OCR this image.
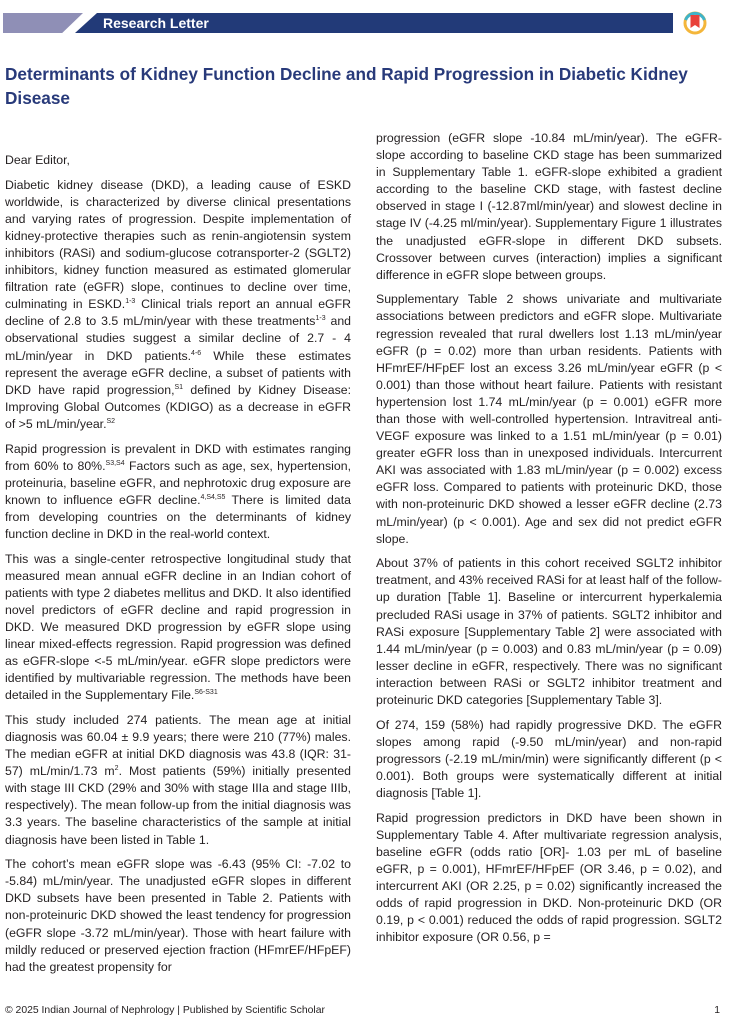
Research Letter
Determinants of Kidney Function Decline and Rapid Progression in Diabetic Kidney Disease

Dear Editor,

Diabetic kidney disease (DKD), a leading cause of ESKD worldwide, is characterized by diverse clinical presentations and varying rates of progression. Despite implementation of kidney-protective therapies such as renin-angiotensin system inhibitors (RASi) and sodium-glucose cotransporter-2 (SGLT2) inhibitors, kidney function measured as estimated glomerular filtration rate (eGFR) slope, continues to decline over time, culminating in ESKD.$^{1-3}$ Clinical trials report an annual eGFR decline of 2.8 to 3.5 mL/min/year with these treatments$^{1-3}$ and observational studies suggest a similar decline of 2.7 - 4 mL/min/year in DKD patients.$^{4-6}$ While these estimates represent the average eGFR decline, a subset of patients with DKD have rapid progression,$^{S1}$ defined by Kidney Disease: Improving Global Outcomes (KDIGO) as a decrease in eGFR of >5 mL/min/year.$^{S2}$

Rapid progression is prevalent in DKD with estimates ranging from 60% to 80%.$^{S3,S4}$ Factors such as age, sex, hypertension, proteinuria, baseline eGFR, and nephrotoxic drug exposure are known to influence eGFR decline.$^{4,S4,S5}$ There is limited data from developing countries on the determinants of kidney function decline in DKD in the real-world context.

This was a single-center retrospective longitudinal study that measured mean annual eGFR decline in an Indian cohort of patients with type 2 diabetes mellitus and DKD. It also identified novel predictors of eGFR decline and rapid progression in DKD. We measured DKD progression by eGFR slope using linear mixed-effects regression. Rapid progression was defined as eGFR-slope <-5 mL/min/year. eGFR slope predictors were identified by multivariable regression. The methods have been detailed in the Supplementary File.$^{S6-S31}$

This study included 274 patients. The mean age at initial diagnosis was 60.04 ± 9.9 years; there were 210 (77%) males. The median eGFR at initial DKD diagnosis was 43.8 (IQR: 31-57) mL/min/1.73 $m^2$. Most patients (59%) initially presented with stage III CKD (29% and 30% with stage IIIa and stage IIIb, respectively). The mean follow-up from the initial diagnosis was 3.3 years. The baseline characteristics of the sample at initial diagnosis have been listed in Table 1.

The cohort’s mean eGFR slope was -6.43 (95% CI: -7.02 to -5.84) mL/min/year. The unadjusted eGFR slopes in different DKD subsets have been presented in Table 2. Patients with non-proteinuric DKD showed the least tendency for progression (eGFR slope -3.72 mL/min/year). Those with heart failure with mildly reduced or preserved ejection fraction (HFmrEF/HFpEF) had the greatest propensity for

progression (eGFR slope -10.84 mL/min/year). The eGFR-slope according to baseline CKD stage has been summarized in Supplementary Table 1. eGFR-slope exhibited a gradient according to the baseline CKD stage, with fastest decline observed in stage I (-12.87ml/min/year) and slowest decline in stage IV (-4.25 ml/min/year). Supplementary Figure 1 illustrates the unadjusted eGFR-slope in different DKD subsets. Crossover between curves (interaction) implies a significant difference in eGFR slope between groups.

Supplementary Table 2 shows univariate and multivariate associations between predictors and eGFR slope. Multivariate regression revealed that rural dwellers lost 1.13 mL/min/year eGFR (p = 0.02) more than urban residents. Patients with HFmrEF/HFpEF lost an excess 3.26 mL/min/year eGFR (p < 0.001) than those without heart failure. Patients with resistant hypertension lost 1.74 mL/min/year (p = 0.001) eGFR more than those with well-controlled hypertension. Intravitreal anti-VEGF exposure was linked to a 1.51 mL/min/year (p = 0.01) greater eGFR loss than in unexposed individuals. Intercurrent AKI was associated with 1.83 mL/min/year (p = 0.002) excess eGFR loss. Compared to patients with proteinuric DKD, those with non-proteinuric DKD showed a lesser eGFR decline (2.73 mL/min/year) (p < 0.001). Age and sex did not predict eGFR slope.

About 37% of patients in this cohort received SGLT2 inhibitor treatment, and 43% received RASi for at least half of the follow-up duration [Table 1]. Baseline or intercurrent hyperkalemia precluded RASi usage in 37% of patients. SGLT2 inhibitor and RASi exposure [Supplementary Table 2] were associated with 1.44 mL/min/year (p = 0.003) and 0.83 mL/min/year (p = 0.09) lesser decline in eGFR, respectively. There was no significant interaction between RASi or SGLT2 inhibitor treatment and proteinuric DKD categories [Supplementary Table 3].

Of 274, 159 (58%) had rapidly progressive DKD. The eGFR slopes among rapid (-9.50 mL/min/year) and non-rapid progressors (-2.19 mL/min/min) were significantly different (p < 0.001). Both groups were systematically different at initial diagnosis [Table 1].

Rapid progression predictors in DKD have been shown in Supplementary Table 4. After multivariate regression analysis, baseline eGFR (odds ratio [OR]- 1.03 per mL of baseline eGFR, p = 0.001), HFmrEF/HFpEF (OR 3.46, p = 0.02), and intercurrent AKI (OR 2.25, p = 0.02) significantly increased the odds of rapid progression in DKD. Non-proteinuric DKD (OR 0.19, p < 0.001) reduced the odds of rapid progression. SGLT2 inhibitor exposure (OR 0.56, p =

© 2025 Indian Journal of Nephrology | Published by Scientific Scholar	1
